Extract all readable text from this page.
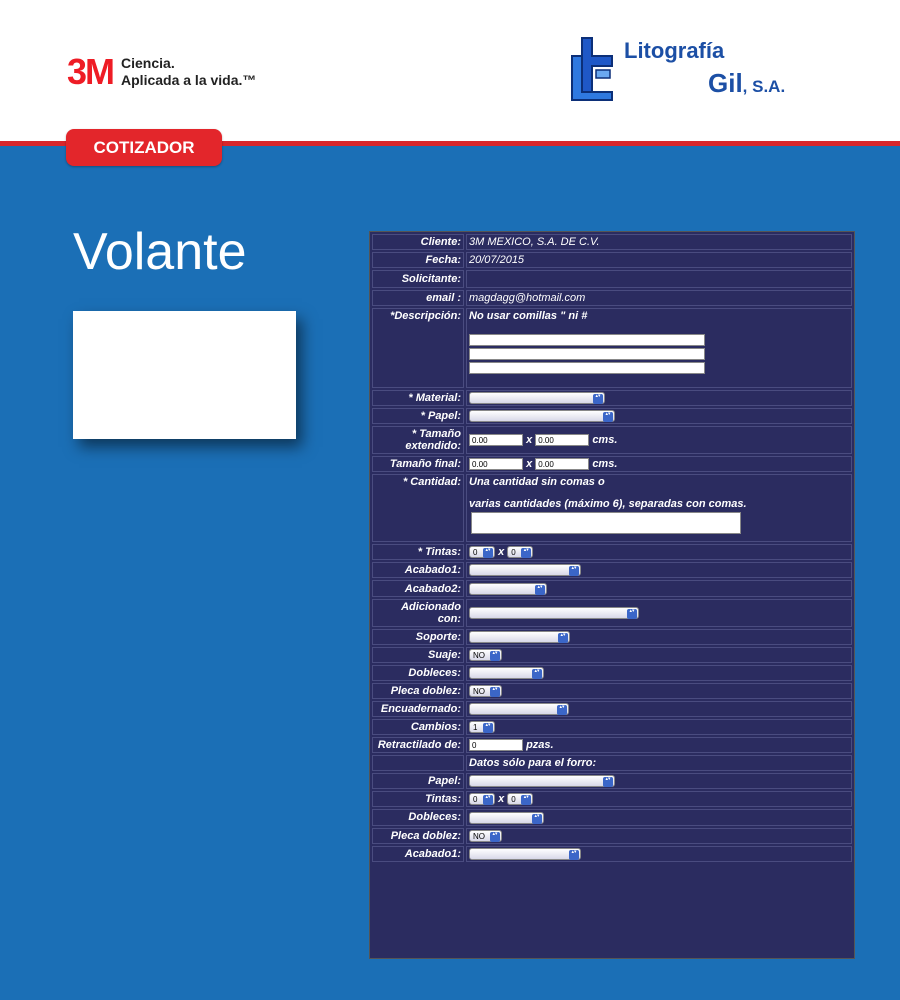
3M Ciencia.
Aplicada a la vida.™
Litografía
Gil, S.A.
COTIZADOR
Volante	Cliente:	3M MEXICO, S.A. DE C.V.
Fecha:	20/07/2015
Solicitante:	
email :	magdagg@hotmail.com
*Descripción:	No usar comillas " ni #

* Material:	▴▾
* Papel:	▴▾
* Tamaño extendido:	0.00 x 0.00 cms.
Tamaño final:	0.00 x 0.00 cms.
* Cantidad:	Una cantidad sin comas o
varias cantidades (máximo 6), separadas con comas.

* Tintas:	0 ▴▾ x 0 ▴▾
Acabado1:	▴▾
Acabado2:	▴▾
Adicionado con:	▴▾
Soporte:	▴▾
Suaje:	NO ▴▾
Dobleces:	▴▾
Pleca doblez:	NO ▴▾
Encuadernado:	▴▾
Cambios:	1 ▴▾
Retractilado de:	0 pzas.
	Datos sólo para el forro:
Papel:	▴▾
Tintas:	0 ▴▾ x 0 ▴▾
Dobleces:	▴▾
Pleca doblez:	NO ▴▾
Acabado1:	▴▾
